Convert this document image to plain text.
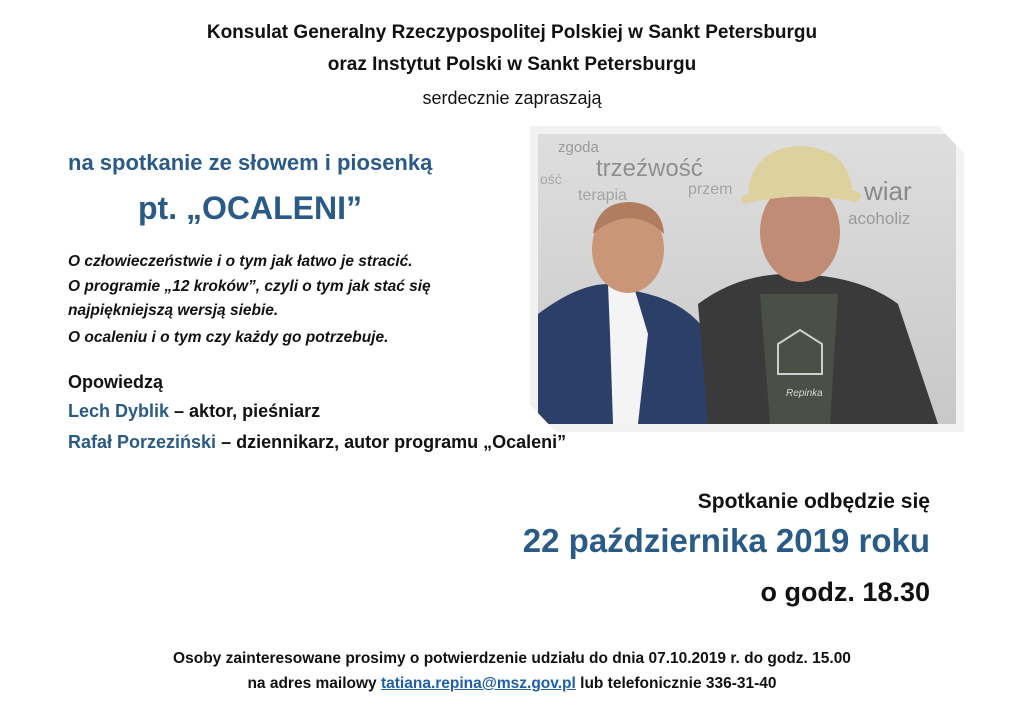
Konsulat Generalny Rzeczypospolitej Polskiej w Sankt Petersburgu
oraz Instytut Polski w Sankt Petersburgu
serdecznie zapraszają
na spotkanie ze słowem i piosenką
pt. „OCALENI”
O człowieczeństwie i o tym jak łatwo je stracić.
O programie „12 kroków”, czyli o tym jak stać się
najpiękniejszą wersją siebie.
O ocaleniu i o tym czy każdy go potrzebuje.
Opowiedzą
Lech Dyblik – aktor, pieśniarz
Rafał Porzeziński – dziennikarz, autor programu „Ocaleni”
zgoda
trzeźwość
terapia	przem	wiar
acoholiz
ość
Repinka
Spotkanie odbędzie się
22 października 2019 roku
o godz. 18.30
Osoby zainteresowane prosimy o potwierdzenie udziału do dnia 07.10.2019 r. do godz. 15.00
na adres mailowy tatiana.repina@msz.gov.pl lub telefonicznie 336-31-40
